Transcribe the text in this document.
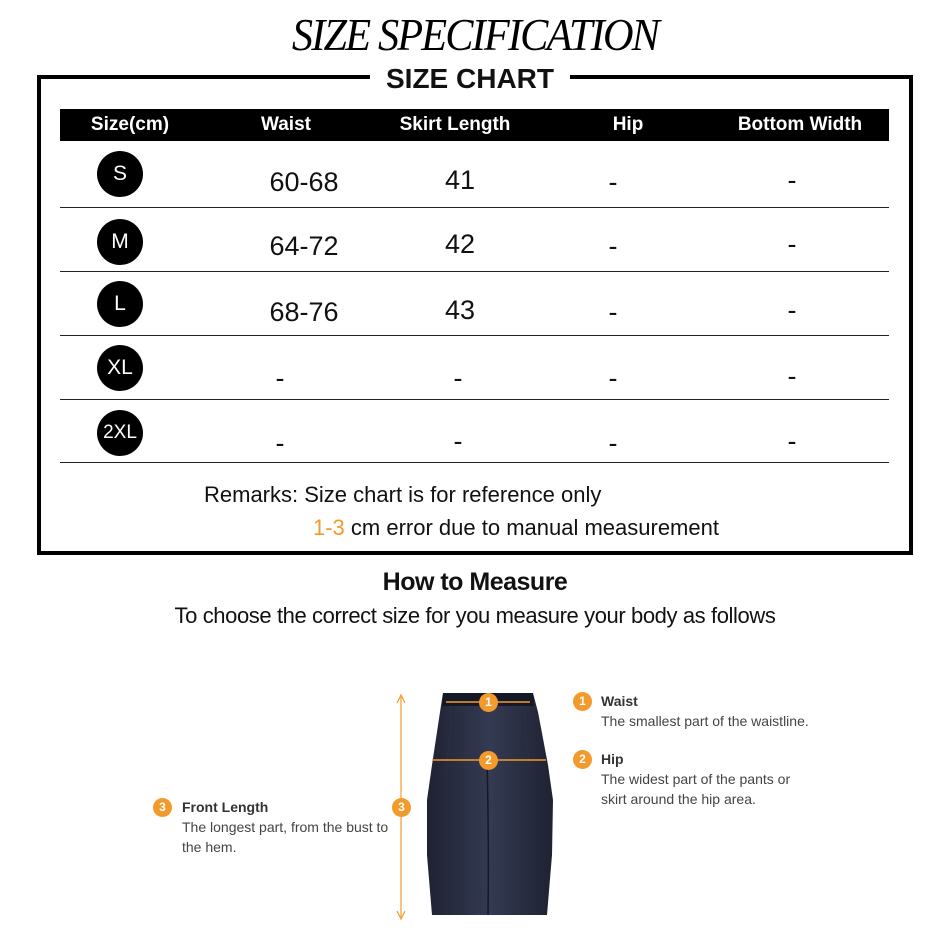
SIZE SPECIFICATION
SIZE CHART
Size(cm)	Waist	Skirt Length	Hip	Bottom Width
S	60-68	41	-	-
M	64-72	42	-	-
L	68-76	43	-	-
XL	-	-	-	-
2XL	-	-	-	-
Remarks: Size chart is for reference only
1-3 cm error due to manual measurement
How to Measure
To choose the correct size for you measure your body as follows
1
2
3
1	Waist
The smallest part of the waistline.
2	Hip
The widest part of the pants or
skirt around the hip area.
3	Front Length
The longest part, from the bust to
the hem.
